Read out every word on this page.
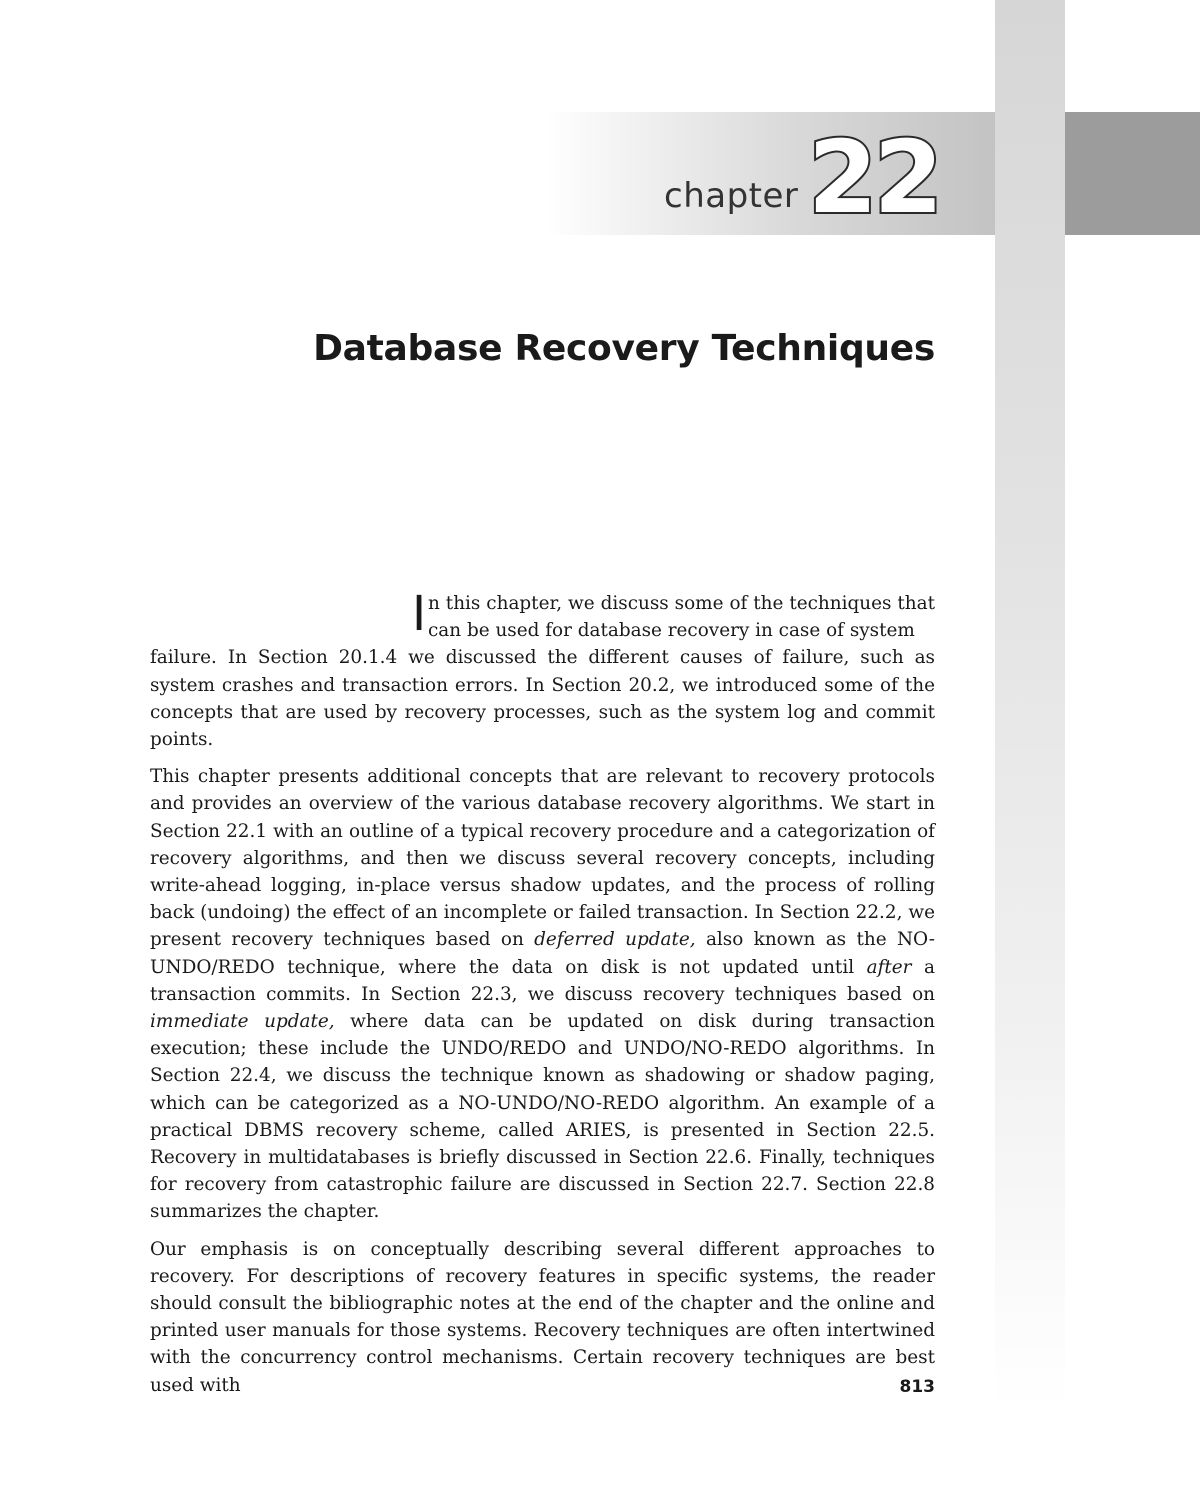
chapter 22
Database Recovery Techniques

I n this chapter, we discuss some of the techniques that can be used for database recovery in case of system
failure. In Section 20.1.4 we discussed the different causes of failure, such as system crashes and transaction errors. In Section 20.2, we introduced some of the concepts that are used by recovery processes, such as the system log and commit points.

This chapter presents additional concepts that are relevant to recovery protocols and provides an overview of the various database recovery algorithms. We start in Section 22.1 with an outline of a typical recovery procedure and a categorization of recovery algorithms, and then we discuss several recovery concepts, including write-ahead logging, in-place versus shadow updates, and the process of rolling back (undoing) the effect of an incomplete or failed transaction. In Section 22.2, we present recovery techniques based on deferred update, also known as the NO-UNDO/REDO technique, where the data on disk is not updated until after a transaction commits. In Section 22.3, we discuss recovery techniques based on immediate update, where data can be updated on disk during transaction execution; these include the UNDO/REDO and UNDO/NO-REDO algorithms. In Section 22.4, we discuss the technique known as shadowing or shadow paging, which can be categorized as a NO-UNDO/NO-REDO algorithm. An example of a practical DBMS recovery scheme, called ARIES, is presented in Section 22.5. Recovery in multidatabases is briefly discussed in Section 22.6. Finally, techniques for recovery from catastrophic failure are discussed in Section 22.7. Section 22.8 summarizes the chapter.

Our emphasis is on conceptually describing several different approaches to recovery. For descriptions of recovery features in specific systems, the reader should consult the bibliographic notes at the end of the chapter and the online and printed user manuals for those systems. Recovery techniques are often intertwined with the concurrency control mechanisms. Certain recovery techniques are best used with	813
